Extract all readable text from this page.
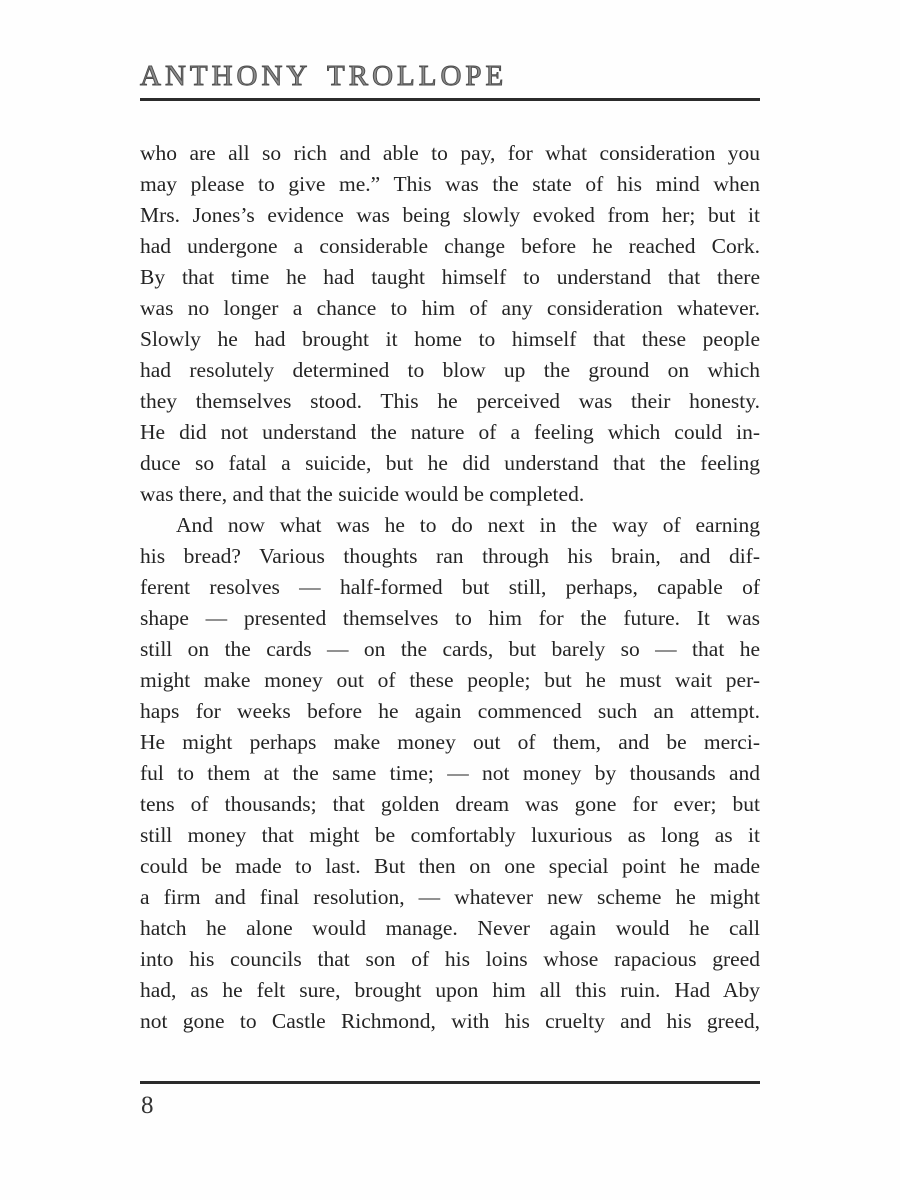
ANTHONY TROLLOPE
who are all so rich and able to pay, for what consideration you
may please to give me.” This was the state of his mind when
Mrs. Jones’s evidence was being slowly evoked from her; but it
had undergone a considerable change before he reached Cork.
By that time he had taught himself to understand that there
was no longer a chance to him of any consideration whatever.
Slowly he had brought it home to himself that these people
had resolutely determined to blow up the ground on which
they themselves stood. This he perceived was their honesty.
He did not understand the nature of a feeling which could in-
duce so fatal a suicide, but he did understand that the feeling
was there, and that the suicide would be completed.
And now what was he to do next in the way of earning
his bread? Various thoughts ran through his brain, and dif-
ferent resolves — half-formed but still, perhaps, capable of
shape — presented themselves to him for the future. It was
still on the cards — on the cards, but barely so — that he
might make money out of these people; but he must wait per-
haps for weeks before he again commenced such an attempt.
He might perhaps make money out of them, and be merci-
ful to them at the same time; — not money by thousands and
tens of thousands; that golden dream was gone for ever; but
still money that might be comfortably luxurious as long as it
could be made to last. But then on one special point he made
a firm and final resolution, — whatever new scheme he might
hatch he alone would manage. Never again would he call
into his councils that son of his loins whose rapacious greed
had, as he felt sure, brought upon him all this ruin. Had Aby
not gone to Castle Richmond, with his cruelty and his greed,
8
